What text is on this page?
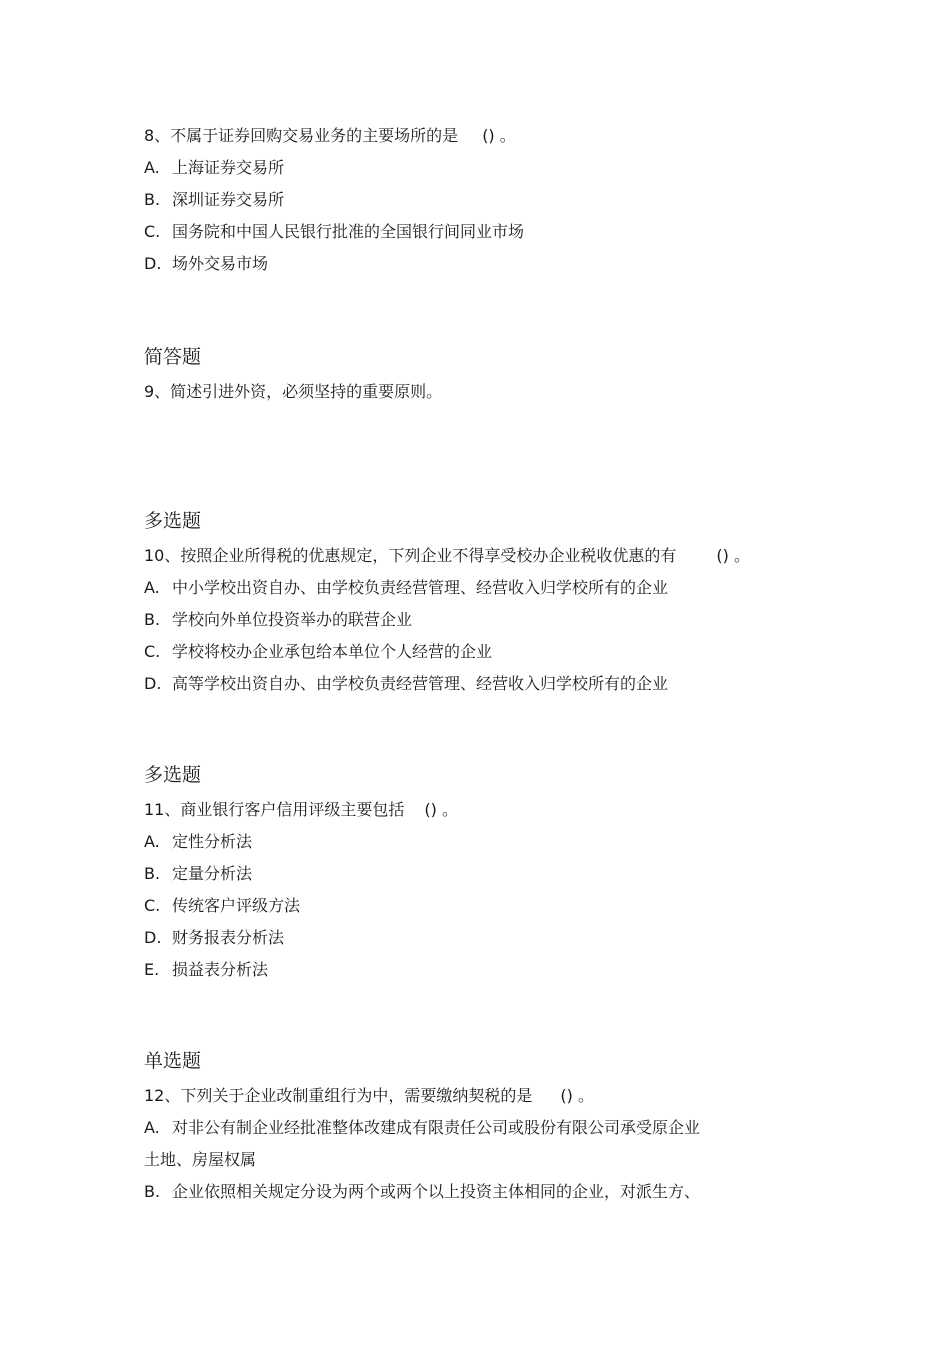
8、不属于证券回购交易业务的主要场所的是 () 。

A. 上海证券交易所

B. 深圳证券交易所

C. 国务院和中国人民银行批准的全国银行间同业市场

D. 场外交易市场

简答题

9、简述引进外资，必须坚持的重要原则。

多选题

10、按照企业所得税的优惠规定，下列企业不得享受校办企业税收优惠的有	() 。

A. 中小学校出资自办、由学校负责经营管理、经营收入归学校所有的企业

B. 学校向外单位投资举办的联营企业

C. 学校将校办企业承包给本单位个人经营的企业

D. 高等学校出资自办、由学校负责经营管理、经营收入归学校所有的企业

多选题

11、商业银行客户信用评级主要包括 () 。

A. 定性分析法

B. 定量分析法

C. 传统客户评级方法

D. 财务报表分析法

E. 损益表分析法

单选题

12、下列关于企业改制重组行为中，需要缴纳契税的是 () 。

A. 对非公有制企业经批准整体改建成有限责任公司或股份有限公司承受原企业

土地、房屋权属

B. 企业依照相关规定分设为两个或两个以上投资主体相同的企业，对派生方、
